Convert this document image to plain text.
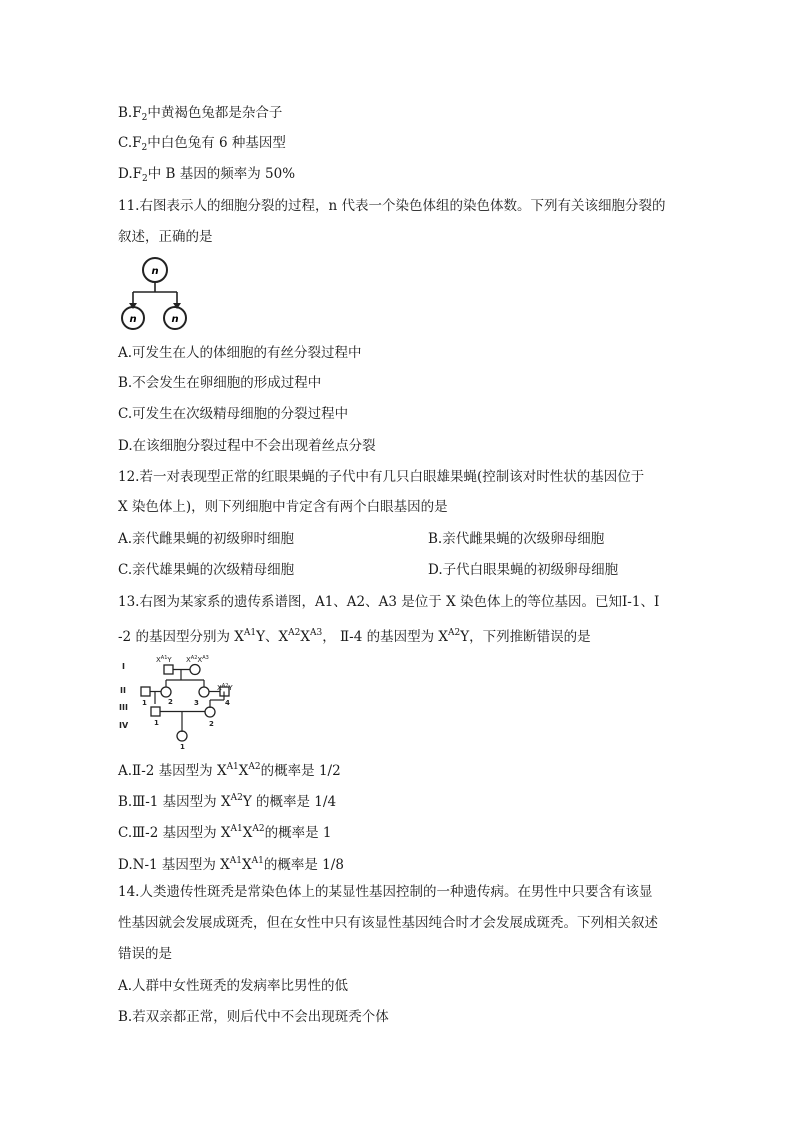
$B.F_2$中黄褐色兔都是杂合子
$C.F_2$中白色兔有 6 种基因型
$D.F_2$中 B 基因的频率为 50%
11.右图表示人的细胞分裂的过程，n 代表一个染色体组的染色体数。下列有关该细胞分裂的
叙述，正确的是
n
n	n
A.可发生在人的体细胞的有丝分裂过程中
B.不会发生在卵细胞的形成过程中
C.可发生在次级精母细胞的分裂过程中
D.在该细胞分裂过程中不会出现着丝点分裂
12.若一对表现型正常的红眼果蝇的子代中有几只白眼雄果蝇(控制该对时性状的基因位于
X 染色体上)，则下列细胞中肯定含有两个白眼基因的是
A.亲代雌果蝇的初级卵时细胞	B.亲代雌果蝇的次级卵母细胞
C.亲代雄果蝇的次级精母细胞	D.子代白眼果蝇的初级卵母细胞
13.右图为某家系的遗传系谱图，A1、A2、A3 是位于 X 染色体上的等位基因。已知Ⅰ-1、Ⅰ
-2 的基因型分别为 $X^{A1}Y$、$X^{A2}X^{A3}$， Ⅱ-4 的基因型为 $X^{A2}Y$，下列推断错误的是
I
II
III
IV
$X^{A1}Y$ $X^{A2}X^{A3}$
$X^{A2}Y$
1	2	3	4
1	2
1
A.Ⅱ-2 基因型为 $X^{A1}X^{A2}$的概率是 1/2
B.Ⅲ-1 基因型为 $X^{A2}Y$ 的概率是 1/4
C.Ⅲ-2 基因型为 $X^{A1}X^{A2}$的概率是 1
D.N-1 基因型为 $X^{A1}X^{A1}$的概率是 1/8
14.人类遗传性斑秃是常染色体上的某显性基因控制的一种遗传病。在男性中只要含有该显
性基因就会发展成斑秃，但在女性中只有该显性基因纯合时才会发展成斑秃。下列相关叙述
错误的是
A.人群中女性斑秃的发病率比男性的低
B.若双亲都正常，则后代中不会出现斑秃个体
